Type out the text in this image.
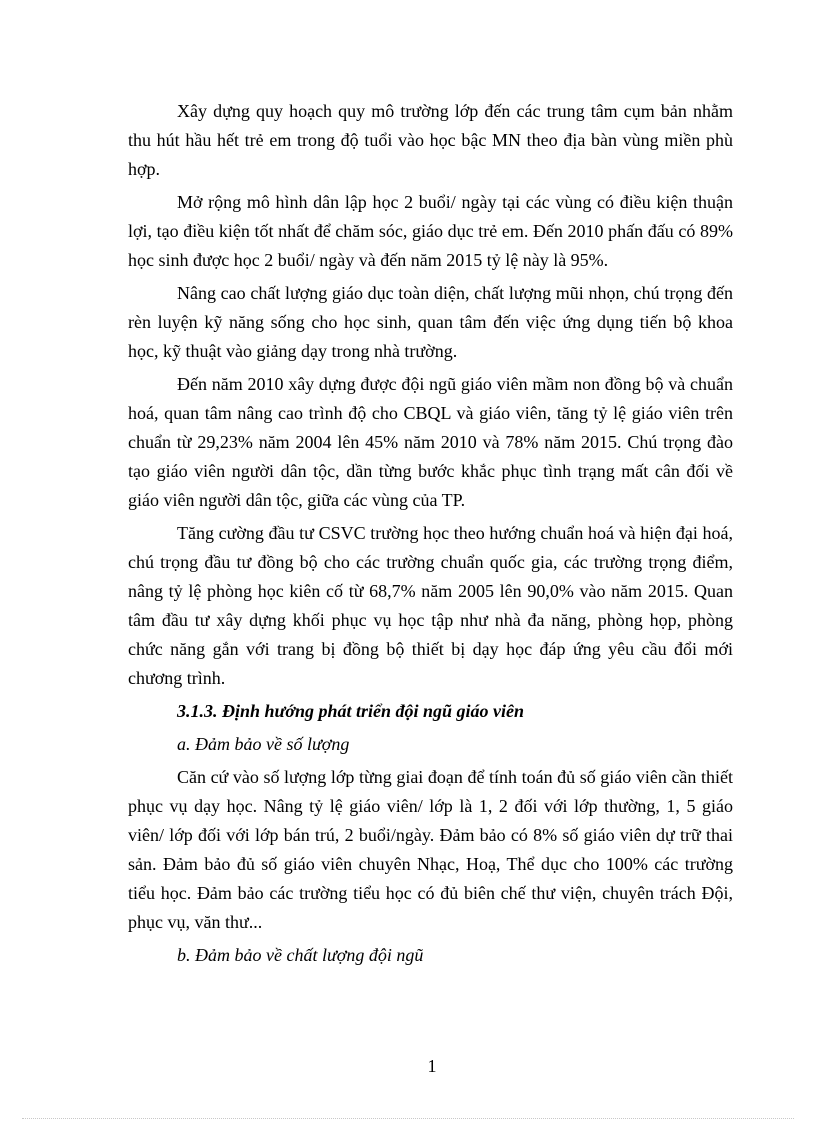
Xây dựng quy hoạch quy mô trường lớp đến các trung tâm cụm bản nhằm thu hút hầu hết trẻ em trong độ tuổi vào học bậc MN theo địa bàn vùng miền phù hợp.

Mở rộng mô hình dân lập học 2 buổi/ ngày tại các vùng có điều kiện thuận lợi, tạo điều kiện tốt nhất để chăm sóc, giáo dục trẻ em. Đến 2010 phấn đấu có 89% học sinh được học 2 buổi/ ngày và đến năm 2015 tỷ lệ này là 95%.

Nâng cao chất lượng giáo dục toàn diện, chất lượng mũi nhọn, chú trọng đến rèn luyện kỹ năng sống cho học sinh, quan tâm đến việc ứng dụng tiến bộ khoa học, kỹ thuật vào giảng dạy trong nhà trường.

Đến năm 2010 xây dựng được đội ngũ giáo viên mầm non đồng bộ và chuẩn hoá, quan tâm nâng cao trình độ cho CBQL và giáo viên, tăng tỷ lệ giáo viên trên chuẩn từ 29,23% năm 2004 lên 45% năm 2010 và 78% năm 2015. Chú trọng đào tạo giáo viên người dân tộc, dần từng bước khắc phục tình trạng mất cân đối về giáo viên người dân tộc, giữa các vùng của TP.

Tăng cường đầu tư CSVC trường học theo hướng chuẩn hoá và hiện đại hoá, chú trọng đầu tư đồng bộ cho các trường chuẩn quốc gia, các trường trọng điểm, nâng tỷ lệ phòng học kiên cố từ 68,7% năm 2005 lên 90,0% vào năm 2015. Quan tâm đầu tư xây dựng khối phục vụ học tập như nhà đa năng, phòng họp, phòng chức năng gắn với trang bị đồng bộ thiết bị dạy học đáp ứng yêu cầu đổi mới chương trình.

3.1.3. Định hướng phát triển đội ngũ giáo viên

a. Đảm bảo về số lượng

Căn cứ vào số lượng lớp từng giai đoạn để tính toán đủ số giáo viên cần thiết phục vụ dạy học. Nâng tỷ lệ giáo viên/ lớp là 1, 2 đối với lớp thường, 1, 5 giáo viên/ lớp đối với lớp bán trú, 2 buổi/ngày. Đảm bảo có 8% số giáo viên dự trữ thai sản. Đảm bảo đủ số giáo viên chuyên Nhạc, Hoạ, Thể dục cho 100% các trường tiểu học. Đảm bảo các trường tiểu học có đủ biên chế thư viện, chuyên trách Đội, phục vụ, văn thư...

b. Đảm bảo về chất lượng đội ngũ

1
